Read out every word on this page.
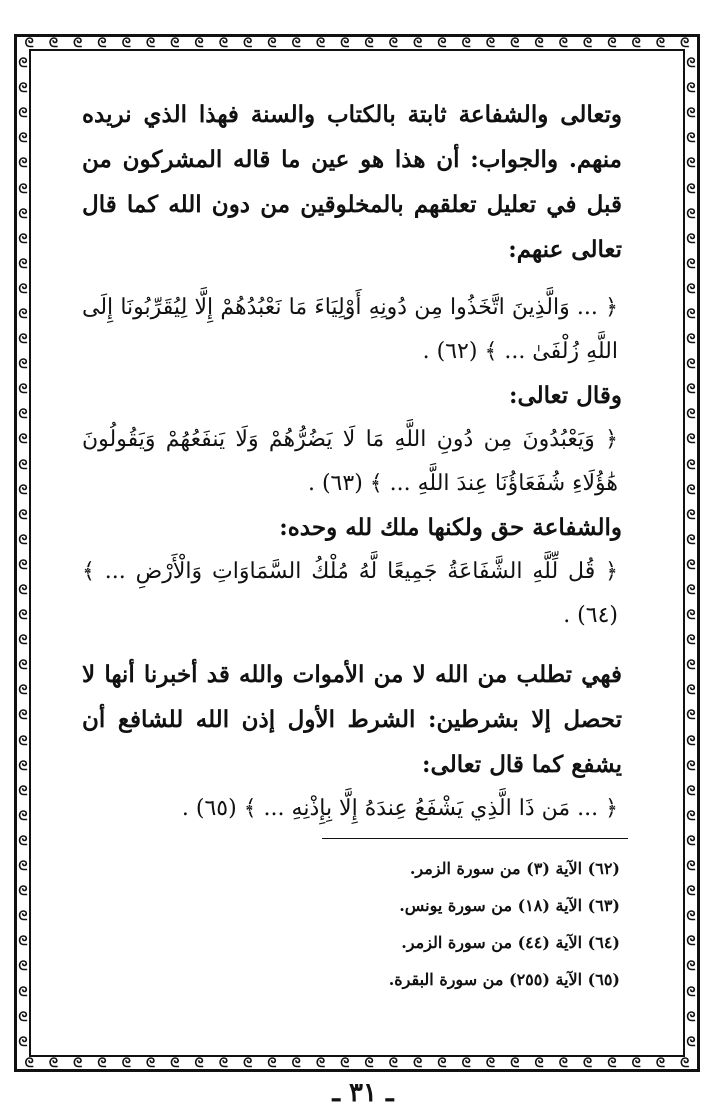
ᘓ ᘓ ᘓ ᘓ ᘓ ᘓ ᘓ ᘓ ᘓ ᘓ ᘓ ᘓ ᘓ ᘓ ᘓ ᘓ ᘓ ᘓ ᘓ ᘓ ᘓ ᘓ ᘓ ᘓ ᘓ ᘓ ᘓ ᘓ
ᘓ ᘓ ᘓ ᘓ ᘓ ᘓ ᘓ ᘓ ᘓ ᘓ ᘓ ᘓ ᘓ ᘓ ᘓ ᘓ ᘓ ᘓ ᘓ ᘓ ᘓ ᘓ ᘓ ᘓ ᘓ ᘓ ᘓ ᘓ
ᘓ
ᘓ
ᘓ
ᘓ
ᘓ
ᘓ
ᘓ
ᘓ
ᘓ
ᘓ
ᘓ
ᘓ
ᘓ
ᘓ
ᘓ
ᘓ
ᘓ
ᘓ
ᘓ
ᘓ
ᘓ
ᘓ
ᘓ
ᘓ
ᘓ
ᘓ
ᘓ
ᘓ
ᘓ
ᘓ
ᘓ
ᘓ
ᘓ
ᘓ
ᘓ
ᘓ
ᘓ
ᘓ
ᘓ
ᘓ
ᘓ
ᘓ
ᘓ
ᘓ
ᘓ
ᘓ
ᘓ
ᘓ
ᘓ
ᘓ
ᘓ
ᘓ
ᘓ
ᘓ
ᘓ
ᘓ
ᘓ
ᘓ
ᘓ
ᘓ
ᘓ
ᘓ
ᘓ
ᘓ
ᘓ
ᘓ
ᘓ
ᘓ
ᘓ
ᘓ
ᘓ
ᘓ
ᘓ
ᘓ
ᘓ
ᘓ
ᘓ
ᘓ
ᘓ
ᘓ

وتعالى والشفاعة ثابتة بالكتاب والسنة فهذا الذي نريده منهم. والجواب: أن هذا هو عين ما قاله المشركون من قبل في تعليل تعلقهم بالمخلوقين من دون الله كما قال تعالى عنهم:

﴿ ... وَالَّذِينَ اتَّخَذُوا مِن دُونِهِ أَوْلِيَاءَ مَا نَعْبُدُهُمْ إِلَّا لِيُقَرِّبُونَا إِلَى اللَّهِ زُلْفَىٰ ... ﴾ (٦٢) .

وقال تعالى:

﴿ وَيَعْبُدُونَ مِن دُونِ اللَّهِ مَا لَا يَضُرُّهُمْ وَلَا يَنفَعُهُمْ وَيَقُولُونَ هَٰؤُلَاءِ شُفَعَاؤُنَا عِندَ اللَّهِ ... ﴾ (٦٣) .

والشفاعة حق ولكنها ملك لله وحده:

﴿ قُل لِّلَّهِ الشَّفَاعَةُ جَمِيعًا لَّهُ مُلْكُ السَّمَاوَاتِ وَالْأَرْضِ ... ﴾ (٦٤) .

فهي تطلب من الله لا من الأموات والله قد أخبرنا أنها لا تحصل إلا بشرطين: الشرط الأول إذن الله للشافع أن يشفع كما قال تعالى:

﴿ ... مَن ذَا الَّذِي يَشْفَعُ عِندَهُ إِلَّا بِإِذْنِهِ ... ﴾ (٦٥) .

(٦٢) الآية (٣) من سورة الزمر.

(٦٣) الآية (١٨) من سورة يونس.

(٦٤) الآية (٤٤) من سورة الزمر.

(٦٥) الآية (٢٥٥) من سورة البقرة.

ـ ٣١ ـ
